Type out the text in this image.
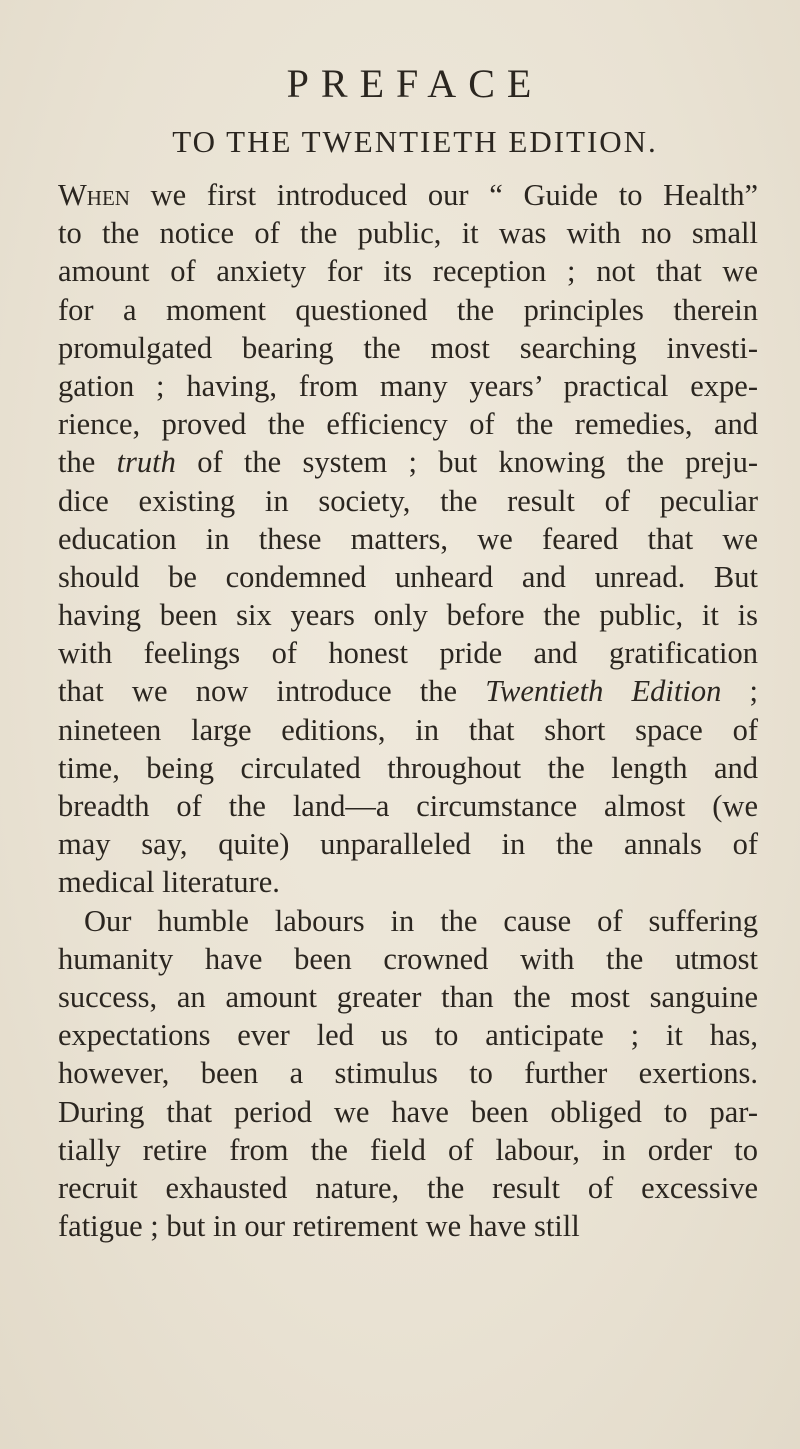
PREFACE
TO THE TWENTIETH EDITION.
When we first introduced our “ Guide to Health”
to the notice of the public, it was with no small
amount of anxiety for its reception ; not that we
for a moment questioned the principles therein
promulgated bearing the most searching investi-
gation ; having, from many years’ practical expe-
rience, proved the efficiency of the remedies, and
the truth of the system ; but knowing the preju-
dice existing in society, the result of peculiar
education in these matters, we feared that we
should be condemned unheard and unread. But
having been six years only before the public, it is
with feelings of honest pride and gratification
that we now introduce the Twentieth Edition ;
nineteen large editions, in that short space of
time, being circulated throughout the length and
breadth of the land—a circumstance almost (we
may say, quite) unparalleled in the annals of
medical literature.
Our humble labours in the cause of suffering
humanity have been crowned with the utmost
success, an amount greater than the most sanguine
expectations ever led us to anticipate ; it has,
however, been a stimulus to further exertions.
During that period we have been obliged to par-
tially retire from the field of labour, in order to
recruit exhausted nature, the result of excessive
fatigue ; but in our retirement we have still
